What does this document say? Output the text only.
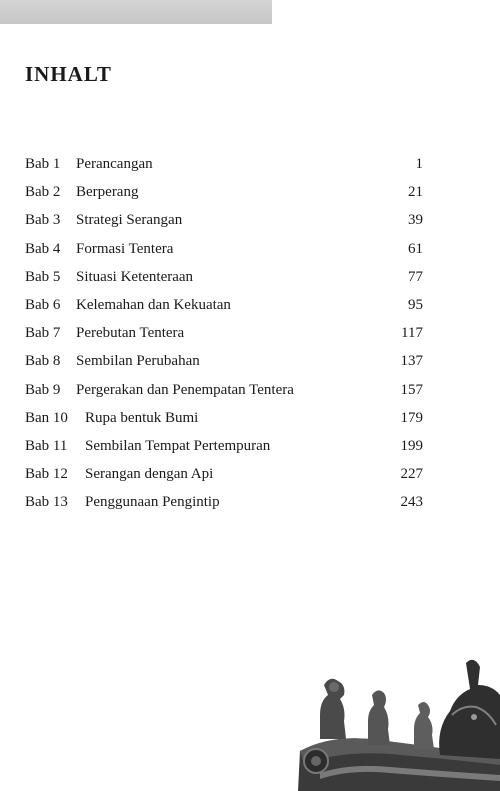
INHALT
Bab 1 Perancangan	1
Bab 2 Berperang	21
Bab 3 Strategi Serangan	39
Bab 4 Formasi Tentera	61
Bab 5 Situasi Ketenteraan	77
Bab 6 Kelemahan dan Kekuatan	95
Bab 7 Perebutan Tentera	117
Bab 8 Sembilan Perubahan	137
Bab 9 Pergerakan dan Penempatan Tentera	157
Ban 10 Rupa bentuk Bumi	179
Bab 11 Sembilan Tempat Pertempuran	199
Bab 12 Serangan dengan Api	227
Bab 13 Penggunaan Pengintip	243
